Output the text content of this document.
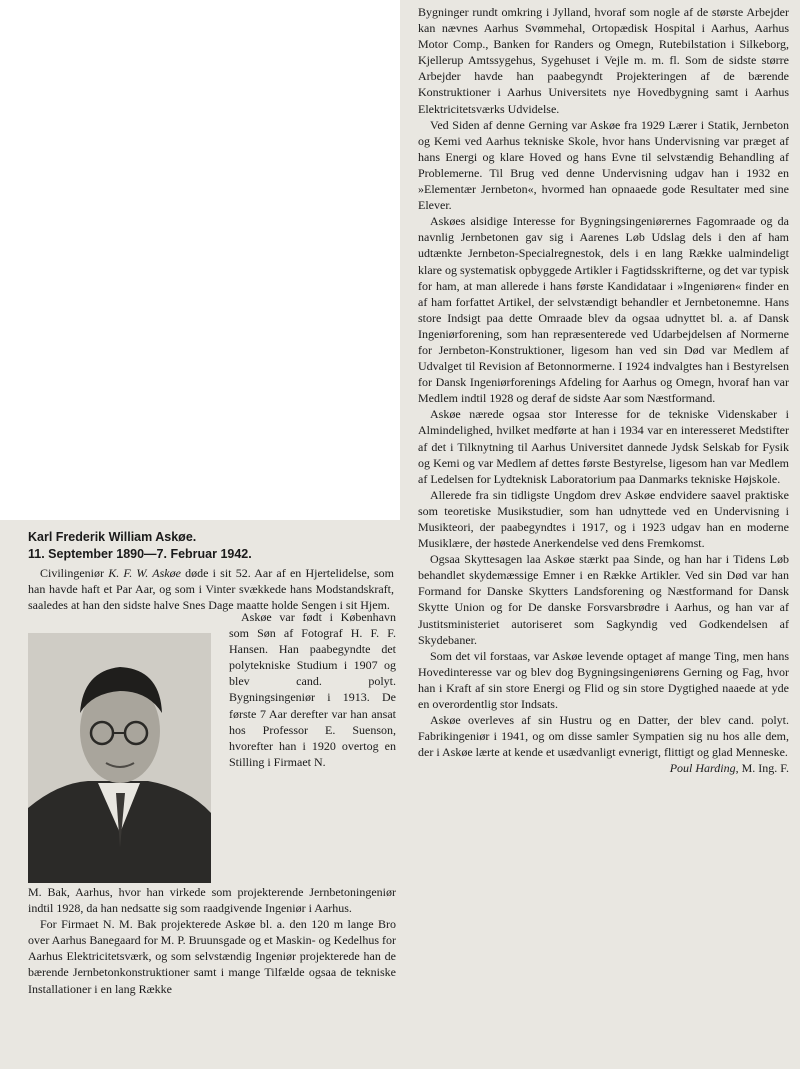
Karl Frederik William Askøe.
11. September 1890—7. Februar 1942.

Civilingeniør K. F. W. Askøe døde i sit 52. Aar af en Hjertelidelse, som han havde haft et Par Aar, og som i Vinter svækkede hans Modstandskraft, saaledes at han den sidste halve Snes Dage maatte holde Sengen i sit Hjem.

Askøe var født i København som Søn af Fotograf H. F. F. Hansen. Han paabegyndte det polytekniske Studium i 1907 og blev cand. polyt. Bygningsingeniør i 1913. De første 7 Aar derefter var han ansat hos Professor E. Suenson, hvorefter han i 1920 overtog en Stilling i Firmaet N.

M. Bak, Aarhus, hvor han virkede som projekterende Jernbetoningeniør indtil 1928, da han nedsatte sig som raadgivende Ingeniør i Aarhus.

For Firmaet N. M. Bak projekterede Askøe bl. a. den 120 m lange Bro over Aarhus Banegaard for M. P. Bruunsgade og et Maskin- og Kedelhus for Aarhus Elektricitetsværk, og som selvstændig Ingeniør projekterede han de bærende Jernbetonkonstruktioner samt i mange Tilfælde ogsaa de tekniske Installationer i en lang Række

Bygninger rundt omkring i Jylland, hvoraf som nogle af de største Arbejder kan nævnes Aarhus Svømmehal, Ortopædisk Hospital i Aarhus, Aarhus Motor Comp., Banken for Randers og Omegn, Rutebilstation i Silkeborg, Kjellerup Amtssygehus, Sygehuset i Vejle m. m. fl. Som de sidste større Arbejder havde han paabegyndt Projekteringen af de bærende Konstruktioner i Aarhus Universitets nye Hovedbygning samt i Aarhus Elektricitetsværks Udvidelse.

Ved Siden af denne Gerning var Askøe fra 1929 Lærer i Statik, Jernbeton og Kemi ved Aarhus tekniske Skole, hvor hans Undervisning var præget af hans Energi og klare Hoved og hans Evne til selvstændig Behandling af Problemerne. Til Brug ved denne Undervisning udgav han i 1932 en »Elementær Jernbeton«, hvormed han opnaaede gode Resultater med sine Elever.

Askøes alsidige Interesse for Bygningsingeniørernes Fagomraade og da navnlig Jernbetonen gav sig i Aarenes Løb Udslag dels i den af ham udtænkte Jernbeton-Specialregnestok, dels i en lang Række ualmindeligt klare og systematisk opbyggede Artikler i Fagtidsskrifterne, og det var typisk for ham, at man allerede i hans første Kandidataar i »Ingeniøren« finder en af ham forfattet Artikel, der selvstændigt behandler et Jernbetonemne. Hans store Indsigt paa dette Omraade blev da ogsaa udnyttet bl. a. af Dansk Ingeniørforening, som han repræsenterede ved Udarbejdelsen af Normerne for Jernbeton-Konstruktioner, ligesom han ved sin Død var Medlem af Udvalget til Revision af Betonnormerne. I 1924 indvalgtes han i Bestyrelsen for Dansk Ingeniørforenings Afdeling for Aarhus og Omegn, hvoraf han var Medlem indtil 1928 og deraf de sidste Aar som Næstformand.

Askøe nærede ogsaa stor Interesse for de tekniske Videnskaber i Almindelighed, hvilket medførte at han i 1934 var en interesseret Medstifter af det i Tilknytning til Aarhus Universitet dannede Jydsk Selskab for Fysik og Kemi og var Medlem af dettes første Bestyrelse, ligesom han var Medlem af Ledelsen for Lydteknisk Laboratorium paa Danmarks tekniske Højskole.

Allerede fra sin tidligste Ungdom drev Askøe endvidere saavel praktiske som teoretiske Musikstudier, som han udnyttede ved en Undervisning i Musikteori, der paabegyndtes i 1917, og i 1923 udgav han en moderne Musiklære, der høstede Anerkendelse ved dens Fremkomst.

Ogsaa Skyttesagen laa Askøe stærkt paa Sinde, og han har i Tidens Løb behandlet skydemæssige Emner i en Række Artikler. Ved sin Død var han Formand for Danske Skytters Landsforening og Næstformand for Dansk Skytte Union og for De danske Forsvarsbrødre i Aarhus, og han var af Justitsministeriet autoriseret som Sagkyndig ved Godkendelsen af Skydebaner.

Som det vil forstaas, var Askøe levende optaget af mange Ting, men hans Hovedinteresse var og blev dog Bygningsingeniørens Gerning og Fag, hvor han i Kraft af sin store Energi og Flid og sin store Dygtighed naaede at yde en overordentlig stor Indsats.

Askøe overleves af sin Hustru og en Datter, der blev cand. polyt. Fabrikingeniør i 1941, og om disse samler Sympatien sig nu hos alle dem, der i Askøe lærte at kende et usædvanligt evnerigt, flittigt og glad Menneske.

Poul Harding, M. Ing. F.
